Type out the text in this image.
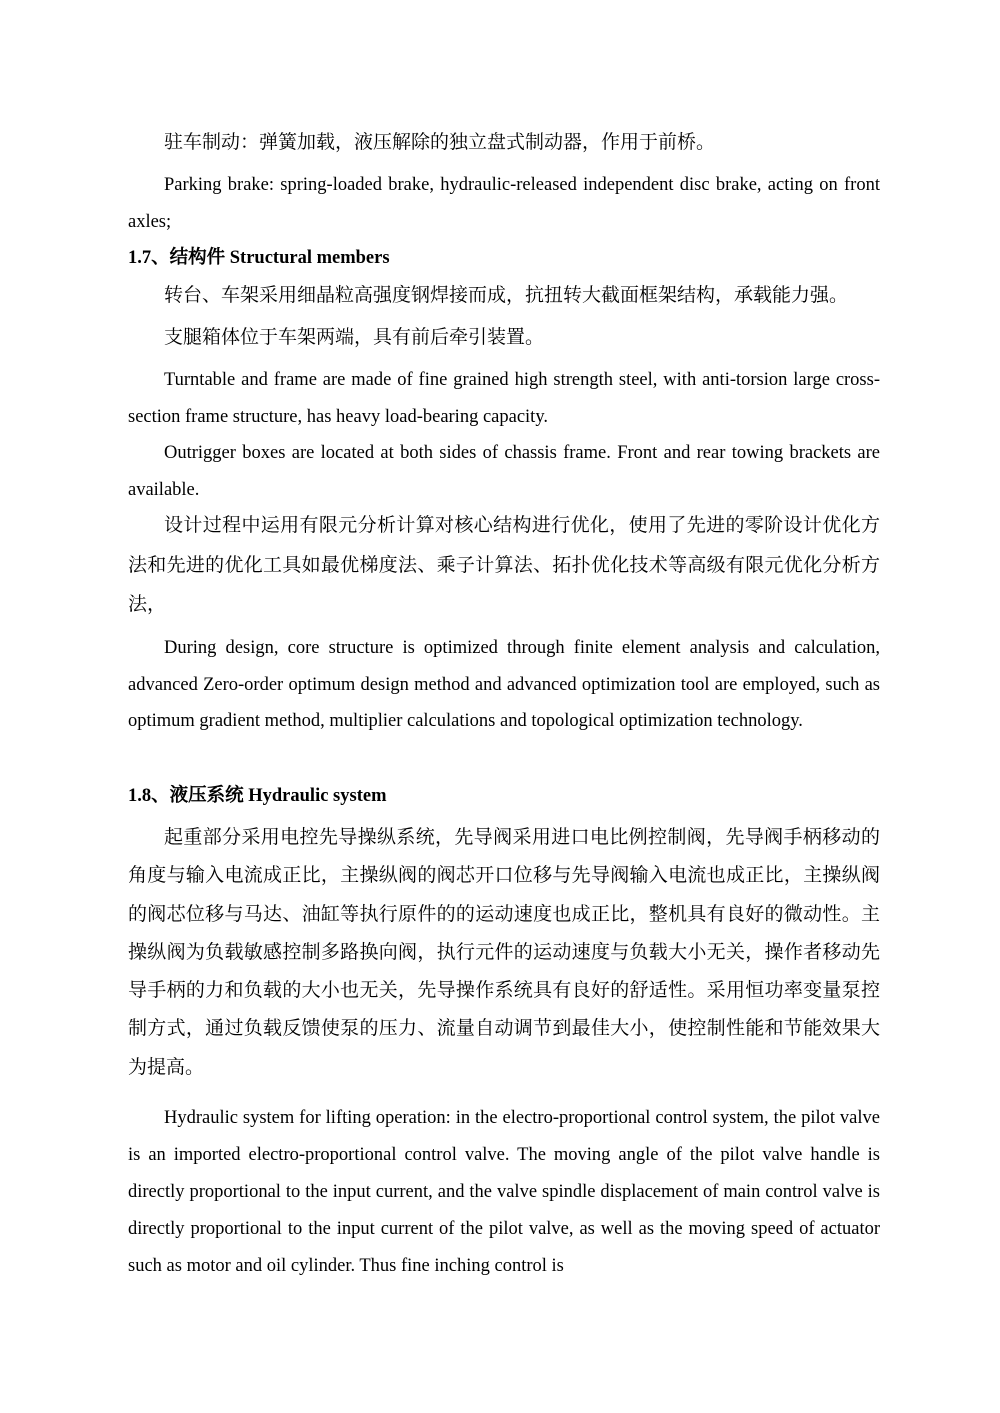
驻车制动：弹簧加载，液压解除的独立盘式制动器，作用于前桥。

Parking brake: spring-loaded brake, hydraulic-released independent disc brake, acting on front axles;

1.7、结构件 Structural members

转台、车架采用细晶粒高强度钢焊接而成，抗扭转大截面框架结构，承载能力强。

支腿箱体位于车架两端，具有前后牵引装置。

Turntable and frame are made of fine grained high strength steel, with anti-torsion large cross-section frame structure, has heavy load-bearing capacity.

Outrigger boxes are located at both sides of chassis frame. Front and rear towing brackets are available.

设计过程中运用有限元分析计算对核心结构进行优化，使用了先进的零阶设计优化方法和先进的优化工具如最优梯度法、乘子计算法、拓扑优化技术等高级有限元优化分析方法，

During design, core structure is optimized through finite element analysis and calculation, advanced Zero-order optimum design method and advanced optimization tool are employed, such as optimum gradient method, multiplier calculations and topological optimization technology.

1.8、液压系统 Hydraulic system

起重部分采用电控先导操纵系统，先导阀采用进口电比例控制阀，先导阀手柄移动的角度与输入电流成正比，主操纵阀的阀芯开口位移与先导阀输入电流也成正比，主操纵阀的阀芯位移与马达、油缸等执行原件的的运动速度也成正比，整机具有良好的微动性。主操纵阀为负载敏感控制多路换向阀，执行元件的运动速度与负载大小无关，操作者移动先导手柄的力和负载的大小也无关，先导操作系统具有良好的舒适性。采用恒功率变量泵控制方式，通过负载反馈使泵的压力、流量自动调节到最佳大小，使控制性能和节能效果大为提高。

Hydraulic system for lifting operation: in the electro-proportional control system, the pilot valve is an imported electro-proportional control valve. The moving angle of the pilot valve handle is directly proportional to the input current, and the valve spindle displacement of main control valve is directly proportional to the input current of the pilot valve, as well as the moving speed of actuator such as motor and oil cylinder. Thus fine inching control is
